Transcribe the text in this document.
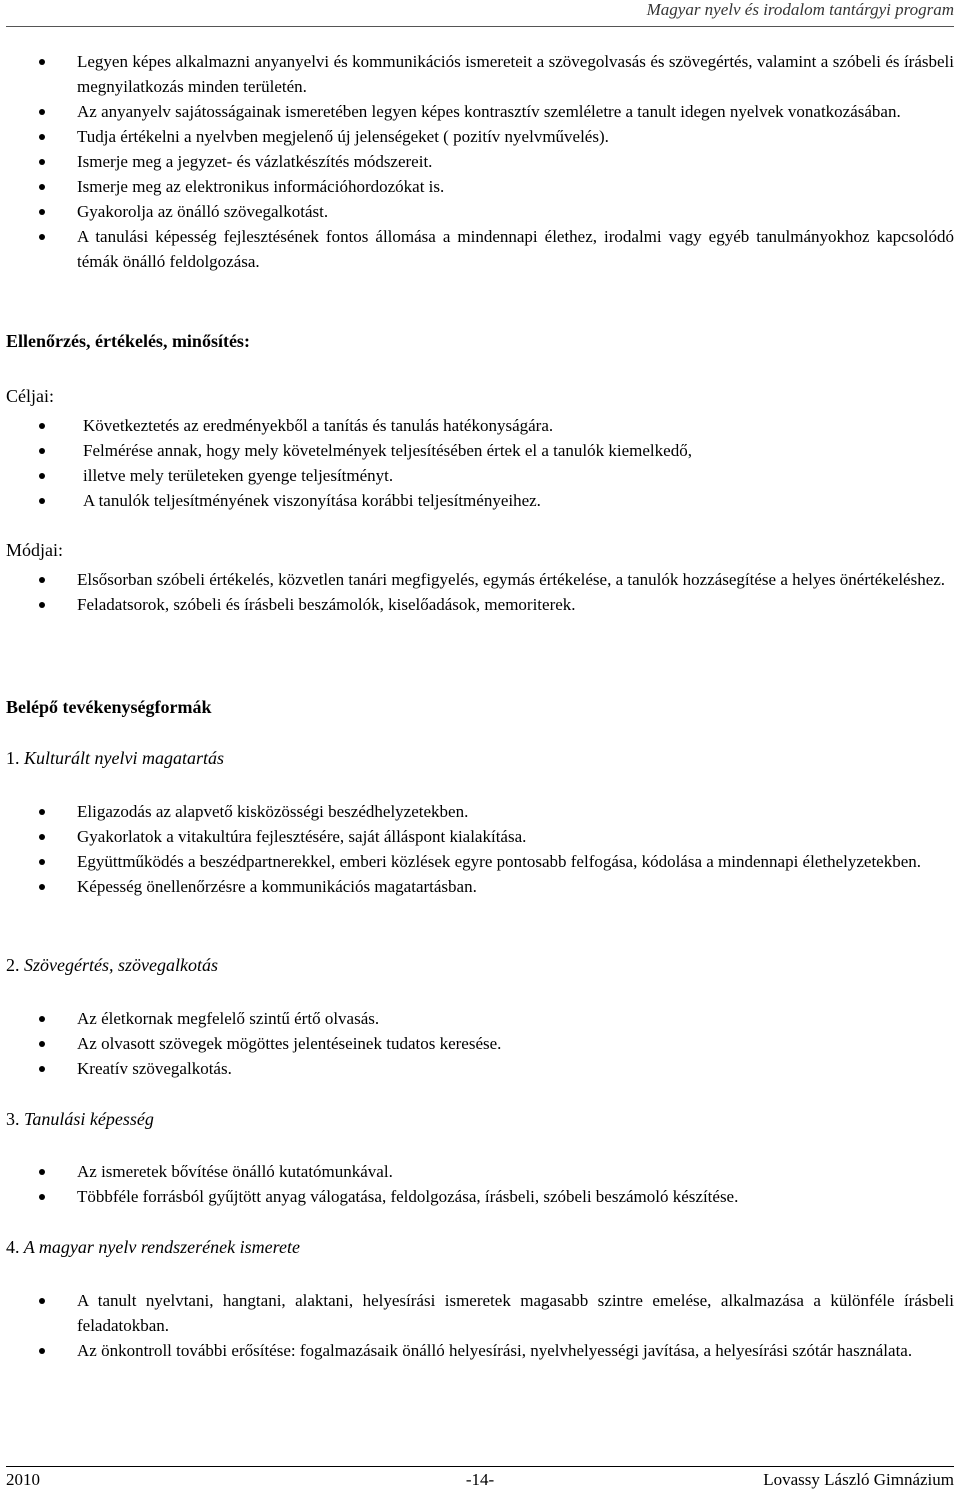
Magyar nyelv és irodalom tantárgyi program
Legyen képes alkalmazni anyanyelvi és kommunikációs ismereteit a szövegolvasás és szövegértés, valamint a szóbeli és írásbeli megnyilatkozás minden területén.
Az anyanyelv sajátosságainak ismeretében legyen képes kontrasztív szemléletre a tanult idegen nyelvek vonatkozásában.
Tudja értékelni a nyelvben megjelenő új jelenségeket ( pozitív nyelvművelés).
Ismerje meg a jegyzet- és vázlatkészítés módszereit.
Ismerje meg az elektronikus információhordozókat is.
Gyakorolja az önálló szövegalkotást.
A tanulási képesség fejlesztésének fontos állomása a mindennapi élethez, irodalmi vagy egyéb tanulmányokhoz kapcsolódó témák önálló feldolgozása.
Ellenőrzés, értékelés, minősítés:
Céljai:
Következtetés az eredményekből a tanítás és tanulás hatékonyságára.
Felmérése annak, hogy mely követelmények teljesítésében értek el a tanulók kiemelkedő,
illetve mely területeken gyenge teljesítményt.
A tanulók teljesítményének viszonyítása korábbi teljesítményeihez.
Módjai:
Elsősorban szóbeli értékelés, közvetlen tanári megfigyelés, egymás értékelése, a tanulók hozzásegítése a helyes önértékeléshez.
Feladatsorok, szóbeli és írásbeli beszámolók, kiselőadások, memoriterek.
Belépő tevékenységformák
1. Kulturált nyelvi magatartás
Eligazodás az alapvető kisközösségi beszédhelyzetekben.
Gyakorlatok a vitakultúra fejlesztésére, saját álláspont kialakítása.
Együttműködés a beszédpartnerekkel, emberi közlések egyre pontosabb felfogása, kódolása a mindennapi élethelyzetekben.
Képesség önellenőrzésre a kommunikációs magatartásban.
2. Szövegértés, szövegalkotás
Az életkornak megfelelő szintű értő olvasás.
Az olvasott szövegek mögöttes jelentéseinek tudatos keresése.
Kreatív szövegalkotás.
3. Tanulási képesség
Az ismeretek bővítése önálló kutatómunkával.
Többféle forrásból gyűjtött anyag válogatása, feldolgozása, írásbeli, szóbeli beszámoló készítése.
4. A magyar nyelv rendszerének ismerete
A tanult nyelvtani, hangtani, alaktani, helyesírási ismeretek magasabb szintre emelése, alkalmazása a különféle írásbeli feladatokban.
Az önkontroll további erősítése: fogalmazásaik önálló helyesírási, nyelvhelyességi javítása, a helyesírási szótár használata.
2010	-14-	Lovassy László Gimnázium
